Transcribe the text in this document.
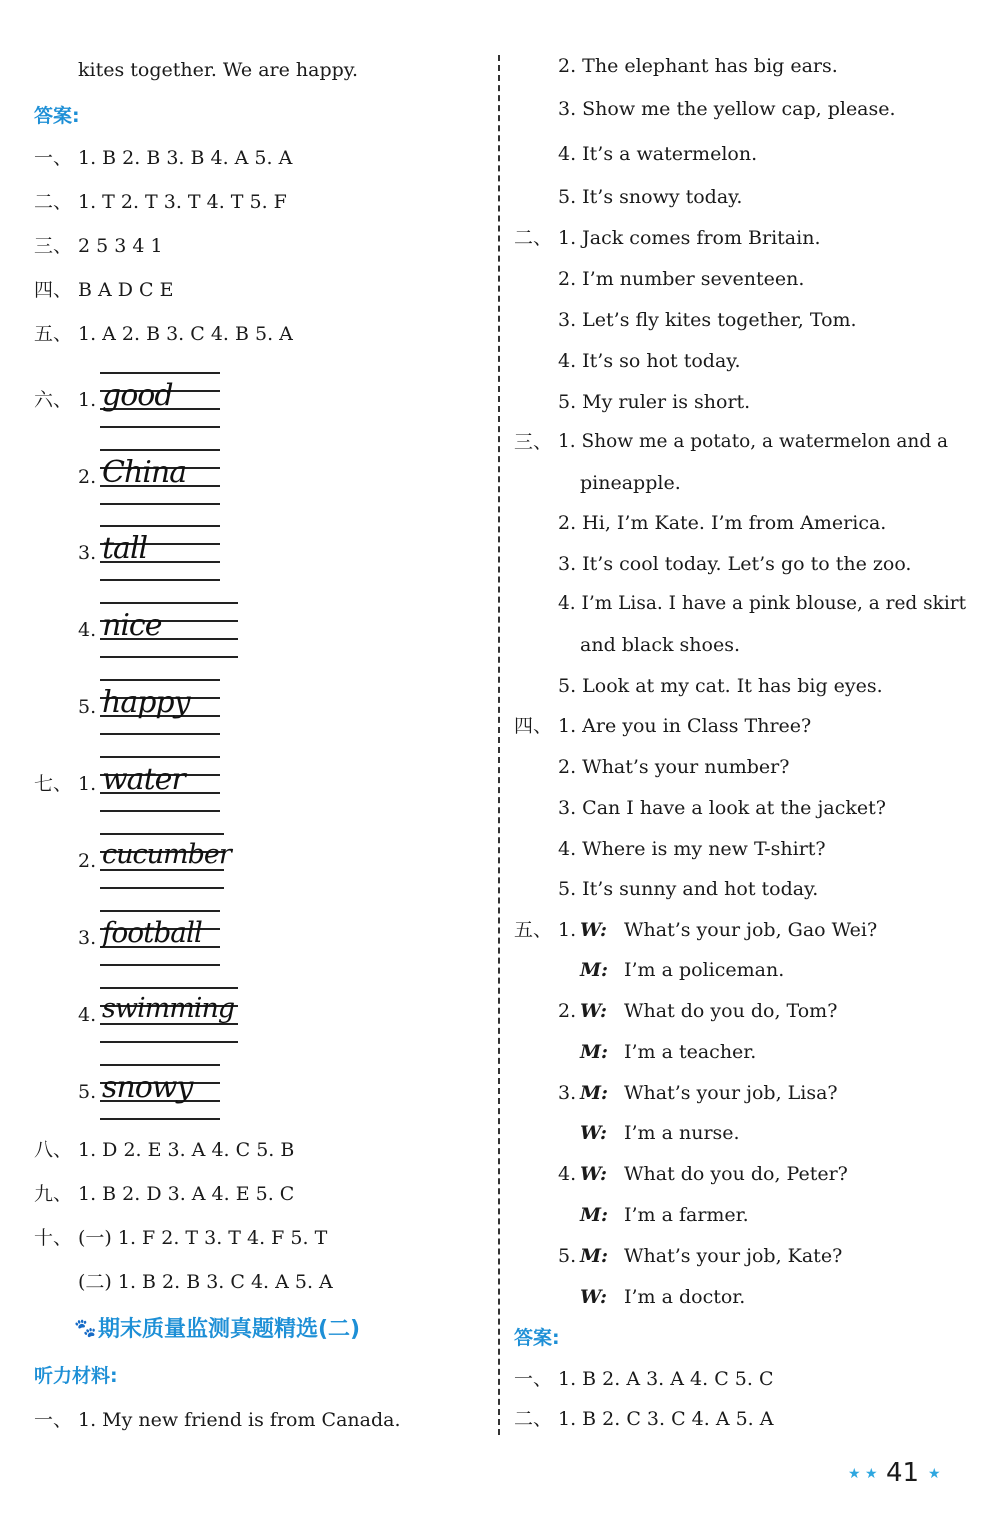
kites together. We are happy.
答案:
一、 1. B 2. B 3. B 4. A 5. A
二、 1. T 2. T 3. T 4. T 5. F
三、 2 5 3 4 1
四、 B A D C E
五、 1. A 2. B 3. C 4. B 5. A
六、 1. good
2. China
3. tall
4. nice
5. happy
七、 1. water
2. cucumber
3. football
4. swimming
5. snowy
八、 1. D 2. E 3. A 4. C 5. B
九、 1. B 2. D 3. A 4. E 5. C
十、 (一) 1. F 2. T 3. T 4. F 5. T
(二) 1. B 2. B 3. C 4. A 5. A
🐾 期末质量监测真题精选(二)
听力材料:
一、 1. My new friend is from Canada.
2. The elephant has big ears.
3. Show me the yellow cap, please.
4. It’s a watermelon.
5. It’s snowy today.
二、 1. Jack comes from Britain.
2. I’m number seventeen.
3. Let’s fly kites together, Tom.
4. It’s so hot today.
5. My ruler is short.
三、 1. Show me a potato, a watermelon and a
pineapple.
2. Hi, I’m Kate. I’m from America.
3. It’s cool today. Let’s go to the zoo.
4. I’m Lisa. I have a pink blouse, a red skirt
and black shoes.
5. Look at my cat. It has big eyes.
四、 1. Are you in Class Three?
2. What’s your number?
3. Can I have a look at the jacket?
4. Where is my new T-shirt?
5. It’s sunny and hot today.
五、 1. W: What’s your job, Gao Wei?
M: I’m a policeman.
2. W: What do you do, Tom?
M: I’m a teacher.
3. M: What’s your job, Lisa?
W: I’m a nurse.
4. W: What do you do, Peter?
M: I’m a farmer.
5. M: What’s your job, Kate?
W: I’m a doctor.
答案:
一、 1. B 2. A 3. A 4. C 5. C
二、 1. B 2. C 3. C 4. A 5. A
★ ★ 41 ★
